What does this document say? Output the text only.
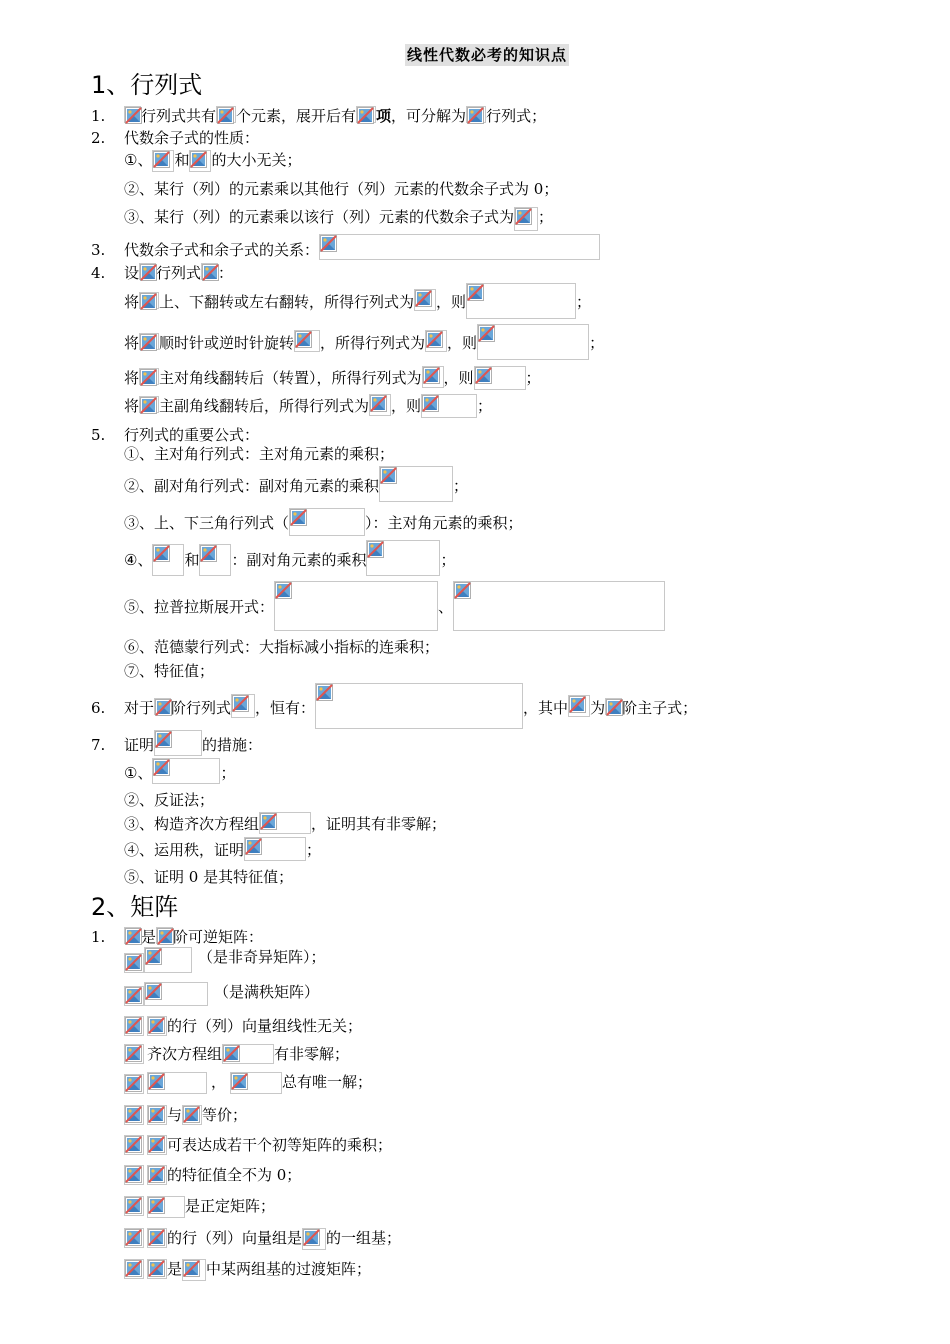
线性代数必考的知识点
1、行列式
1. 行列式共有 个元素，展开后有 项 ，可分解为 行列式；
2. 代数余子式的性质：
①、 和 的大小无关；
②、某行（列）的元素乘以其他行（列）元素的代数余子式为 0；
③、某行（列）的元素乘以该行（列）元素的代数余子式为 ；
3. 代数余子式和余子式的关系：
4. 设 行列式 ：
将 上、下翻转或左右翻转，所得行列式为 ，则	；
将 顺时针或逆时针旋转 ，所得行列式为 ，则	；
将 主对角线翻转后（转置），所得行列式为 ，则	；
将 主副角线翻转后，所得行列式为 ，则	；
5. 行列式的重要公式：
①、主对角行列式：主对角元素的乘积；
②、副对角行列式：副对角元素的乘积	；
③、上、下三角行列式（	）：主对角元素的乘积；
④、 和 ：副对角元素的乘积	；
⑤、拉普拉斯展开式：	、
⑥、范德蒙行列式：大指标减小指标的连乘积；
⑦、特征值；
6. 对于 阶行列式 ，恒有：	，其中 为 阶主子式；
7. 证明	的措施：
①、	；
②、反证法；
③、构造齐次方程组	，证明其有非零解；
④、运用秩，证明	；
⑤、证明 0 是其特征值；
2、矩阵
1. 是 阶可逆矩阵：
（是非奇异矩阵）；
（是满秩矩阵）
的行（列）向量组线性无关；
齐次方程组	有非零解；
，	总有唯一解；
与 等价；
可表达成若干个初等矩阵的乘积；
的特征值全不为 0；
是正定矩阵；
的行（列）向量组是 的一组基；
是 中某两组基的过渡矩阵；
